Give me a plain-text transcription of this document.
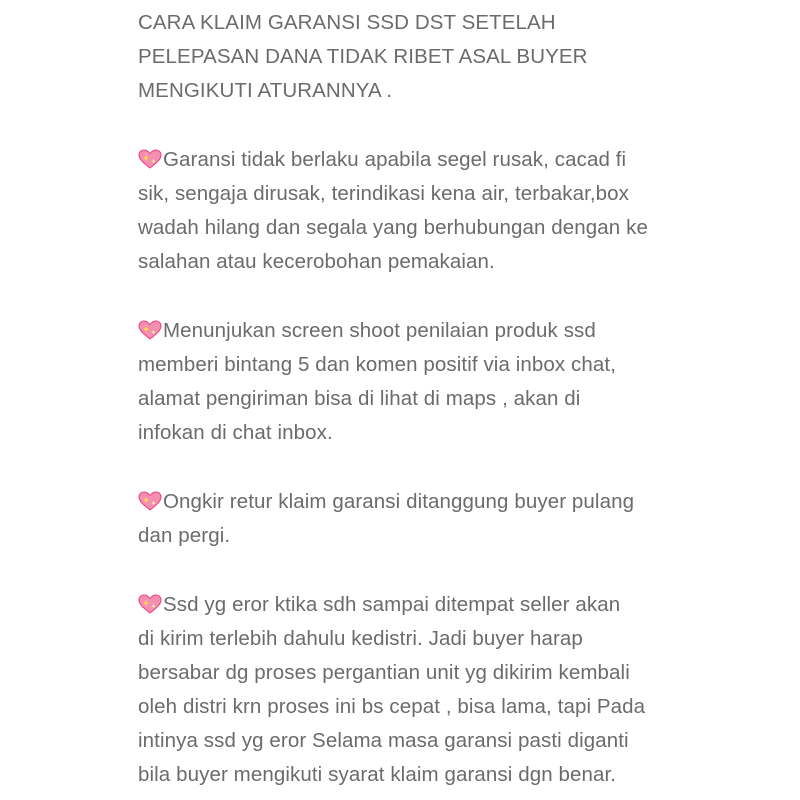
CARA KLAIM GARANSI SSD DST SETELAH
PELEPASAN DANA TIDAK RIBET ASAL BUYER
MENGIKUTI ATURANNYA .
Garansi tidak berlaku apabila segel rusak, cacad fi
sik, sengaja dirusak, terindikasi kena air, terbakar,box
wadah hilang dan segala yang berhubungan dengan ke
salahan atau kecerobohan pemakaian.
Menunjukan screen shoot penilaian produk ssd
memberi bintang 5 dan komen positif via inbox chat,
alamat pengiriman bisa di lihat di maps , akan di
infokan di chat inbox.
Ongkir retur klaim garansi ditanggung buyer pulang
dan pergi.
Ssd yg eror ktika sdh sampai ditempat seller akan
di kirim terlebih dahulu kedistri. Jadi buyer harap
bersabar dg proses pergantian unit yg dikirim kembali
oleh distri krn proses ini bs cepat , bisa lama, tapi Pada
intinya ssd yg eror Selama masa garansi pasti diganti
bila buyer mengikuti syarat klaim garansi dgn benar.
